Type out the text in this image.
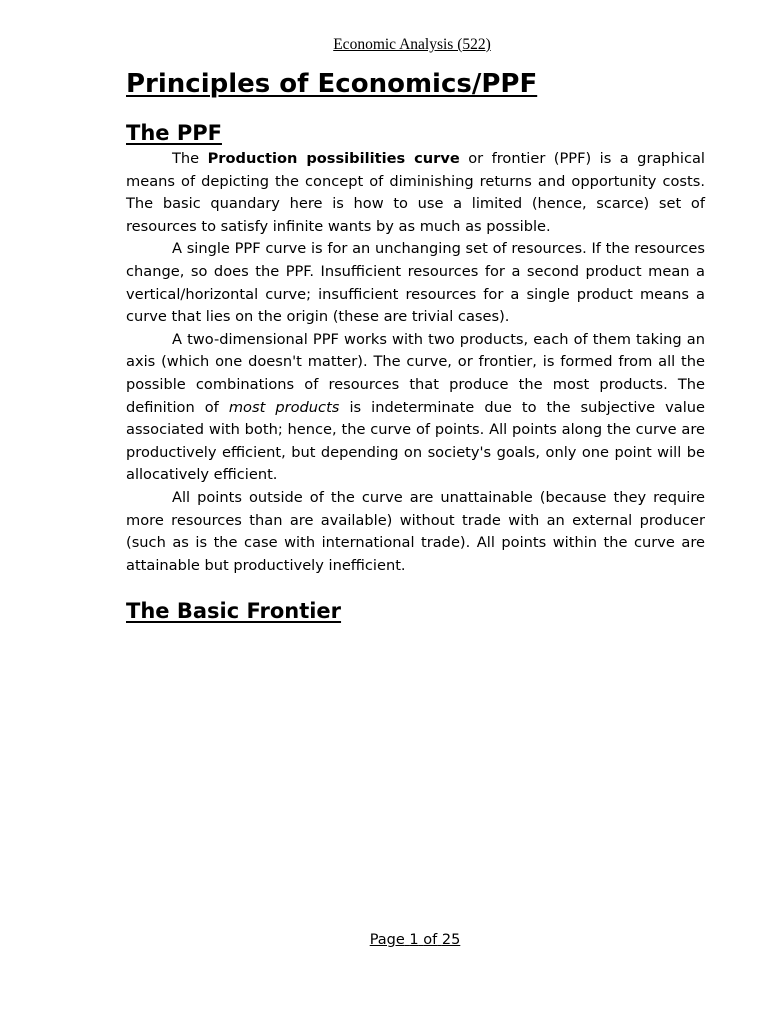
Economic Analysis (522)
Principles of Economics/PPF
The PPF

The Production possibilities curve or frontier (PPF) is a graphical means of depicting the concept of diminishing returns and opportunity costs. The basic quandary here is how to use a limited (hence, scarce) set of resources to satisfy infinite wants by as much as possible.

A single PPF curve is for an unchanging set of resources. If the resources change, so does the PPF. Insufficient resources for a second product mean a vertical/horizontal curve; insufficient resources for a single product means a curve that lies on the origin (these are trivial cases).

A two-dimensional PPF works with two products, each of them taking an axis (which one doesn't matter). The curve, or frontier, is formed from all the possible combinations of resources that produce the most products. The definition of most products is indeterminate due to the subjective value associated with both; hence, the curve of points. All points along the curve are productively efficient, but depending on society's goals, only one point will be allocatively efficient.

All points outside of the curve are unattainable (because they require more resources than are available) without trade with an external producer (such as is the case with international trade). All points within the curve are attainable but productively inefficient.

The Basic Frontier
Page 1 of 25
